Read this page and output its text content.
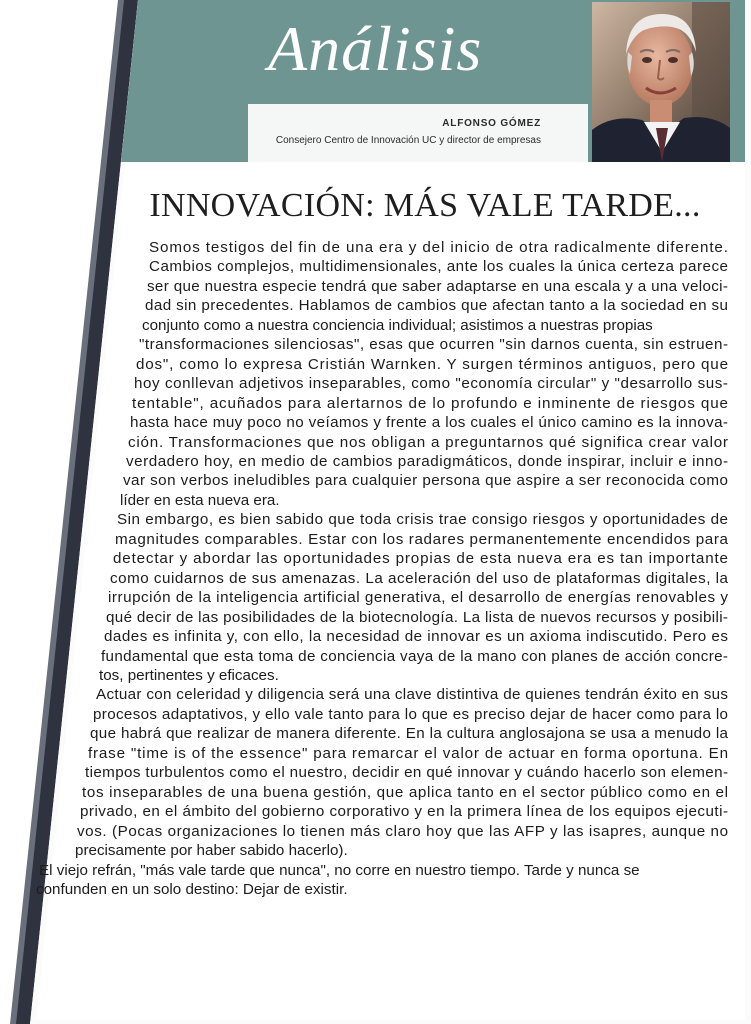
Análisis
ALFONSO GÓMEZ
Consejero Centro de Innovación UC y director de empresas
INNOVACIÓN: MÁS VALE TARDE...
Somos testigos del fin de una era y del inicio de otra radicalmente diferente.
Cambios complejos, multidimensionales, ante los cuales la única certeza parece
ser que nuestra especie tendrá que saber adaptarse en una escala y a una veloci-
dad sin precedentes. Hablamos de cambios que afectan tanto a la sociedad en su
conjunto como a nuestra conciencia individual; asistimos a nuestras propias
"transformaciones silenciosas", esas que ocurren "sin darnos cuenta, sin estruen-
dos", como lo expresa Cristián Warnken. Y surgen términos antiguos, pero que
hoy conllevan adjetivos inseparables, como "economía circular" y "desarrollo sus-
tentable", acuñados para alertarnos de lo profundo e inminente de riesgos que
hasta hace muy poco no veíamos y frente a los cuales el único camino es la innova-
ción. Transformaciones que nos obligan a preguntarnos qué significa crear valor
verdadero hoy, en medio de cambios paradigmáticos, donde inspirar, incluir e inno-
var son verbos ineludibles para cualquier persona que aspire a ser reconocida como
líder en esta nueva era.
Sin embargo, es bien sabido que toda crisis trae consigo riesgos y oportunidades de
magnitudes comparables. Estar con los radares permanentemente encendidos para
detectar y abordar las oportunidades propias de esta nueva era es tan importante
como cuidarnos de sus amenazas. La aceleración del uso de plataformas digitales, la
irrupción de la inteligencia artificial generativa, el desarrollo de energías renovables y
qué decir de las posibilidades de la biotecnología. La lista de nuevos recursos y posibili-
dades es infinita y, con ello, la necesidad de innovar es un axioma indiscutido. Pero es
fundamental que esta toma de conciencia vaya de la mano con planes de acción concre-
tos, pertinentes y eficaces.
Actuar con celeridad y diligencia será una clave distintiva de quienes tendrán éxito en sus
procesos adaptativos, y ello vale tanto para lo que es preciso dejar de hacer como para lo
que habrá que realizar de manera diferente. En la cultura anglosajona se usa a menudo la
frase "time is of the essence" para remarcar el valor de actuar en forma oportuna. En
tiempos turbulentos como el nuestro, decidir en qué innovar y cuándo hacerlo son elemen-
tos inseparables de una buena gestión, que aplica tanto en el sector público como en el
privado, en el ámbito del gobierno corporativo y en la primera línea de los equipos ejecuti-
vos. (Pocas organizaciones lo tienen más claro hoy que las AFP y las isapres, aunque no
precisamente por haber sabido hacerlo).
El viejo refrán, "más vale tarde que nunca", no corre en nuestro tiempo. Tarde y nunca se
confunden en un solo destino: Dejar de existir.
